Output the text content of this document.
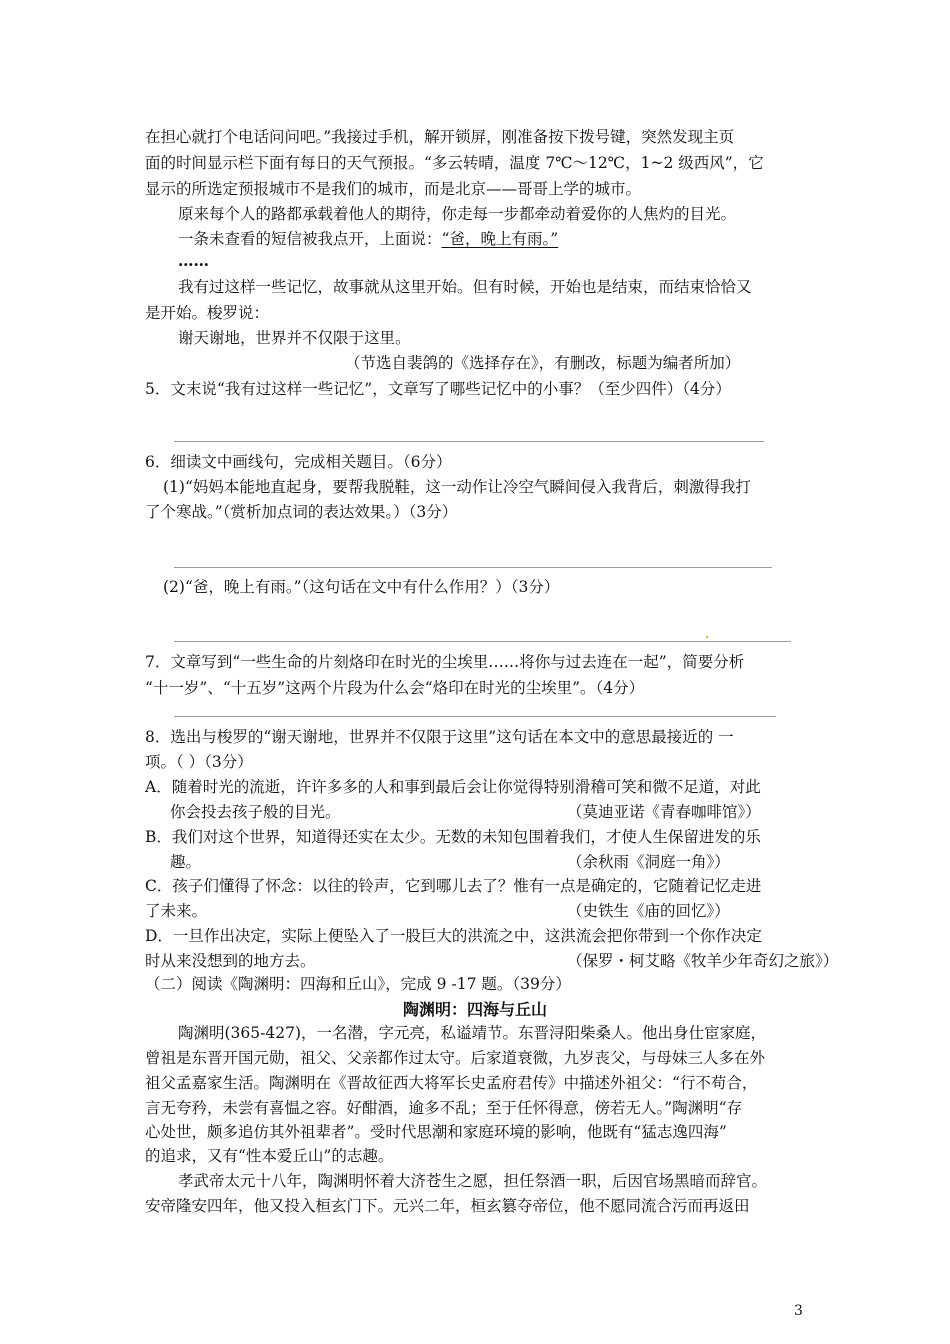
在担心就打个电话问问吧。”我接过手机，解开锁屏，刚准备按下拨号键，突然发现主页
面的时间显示栏下面有每日的天气预报。“多云转晴，温度 7℃～12℃，1~2 级西风”，它
显示的所选定预报城市不是我们的城市，而是北京——哥哥上学的城市。
原来每个人的路都承载着他人的期待，你走每一步都牵动着爱你的人焦灼的目光。
一条未查看的短信被我点开，上面说：“爸，晚上有雨。”
……
我有过这样一些记忆，故事就从这里开始。但有时候，开始也是结束，而结束恰恰又
是开始。梭罗说：
谢天谢地，世界并不仅限于这里。
（节选自裴鸽的《选择存在》，有删改，标题为编者所加）
5．文末说“我有过这样一些记忆”，文章写了哪些记忆中的小事？（至少四件）（4分）
6．细读文中画线句，完成相关题目。（6分）
(1)“妈妈本能地直起身，要帮我脱鞋，这一动作让冷空气瞬间侵入我背后，刺激得我打
了个寒战。”（赏析加点词的表达效果。）（3分）
(2)“爸，晚上有雨。”（这句话在文中有什么作用？）（3分）
7．文章写到“一些生命的片刻烙印在时光的尘埃里……将你与过去连在一起”，简要分析
“十一岁”、“十五岁”这两个片段为什么会“烙印在时光的尘埃里”。（4分）
8．选出与梭罗的“谢天谢地，世界并不仅限于这里”这句话在本文中的意思最接近的 一
项。（ ）（3分）
A．随着时光的流逝，许许多多的人和事到最后会让你觉得特别滑稽可笑和微不足道，对此
你会投去孩子般的目光。	（莫迪亚诺《青春咖啡馆》）
B．我们对这个世界，知道得还实在太少。无数的未知包围着我们，才使人生保留进发的乐
趣。	（余秋雨《洞庭一角》）
C．孩子们懂得了怀念：以往的铃声，它到哪儿去了？惟有一点是确定的，它随着记忆走进
了未来。	（史铁生《庙的回忆》）
D．一旦作出决定，实际上便坠入了一股巨大的洪流之中，这洪流会把你带到一个你作决定
时从来没想到的地方去。	（保罗・柯艾略《牧羊少年奇幻之旅》）
（二）阅读《陶渊明：四海和丘山》，完成 9 -17 题。（39分）
陶渊明：四海与丘山
陶渊明(365-427)，一名潜，字元亮，私谥靖节。东晋浔阳柴桑人。他出身仕宦家庭，
曾祖是东晋开国元勋，祖父、父亲都作过太守。后家道衰微，九岁丧父，与母妹三人多在外
祖父孟嘉家生活。陶渊明在《晋故征西大将军长史孟府君传》中描述外祖父：“行不苟合，
言无夸矜，未尝有喜愠之容。好酣酒，逾多不乱；至于任怀得意，傍若无人。”陶渊明“存
心处世，颇多追仿其外祖辈者”。受时代思潮和家庭环境的影响，他既有“猛志逸四海”
的追求，又有“性本爱丘山”的志趣。
孝武帝太元十八年，陶渊明怀着大济苍生之愿，担任祭酒一职，后因官场黑暗而辞官。
安帝隆安四年，他又投入桓玄门下。元兴二年，桓玄篡夺帝位，他不愿同流合污而再返田
3
